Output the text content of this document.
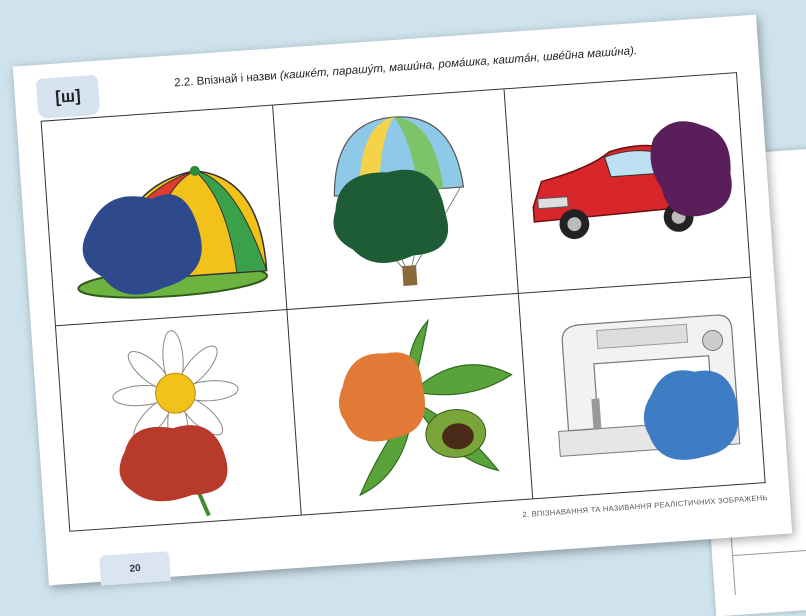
[ш]
2.2. Впізнай і назви (кашкéт, парашýт, маши́на, ромáшка, каштáн, швéйна маши́на).
2. ВПІЗНАВАННЯ ТА НАЗИВАННЯ РЕАЛІСТИЧНИХ ЗОБРАЖЕНЬ
20
